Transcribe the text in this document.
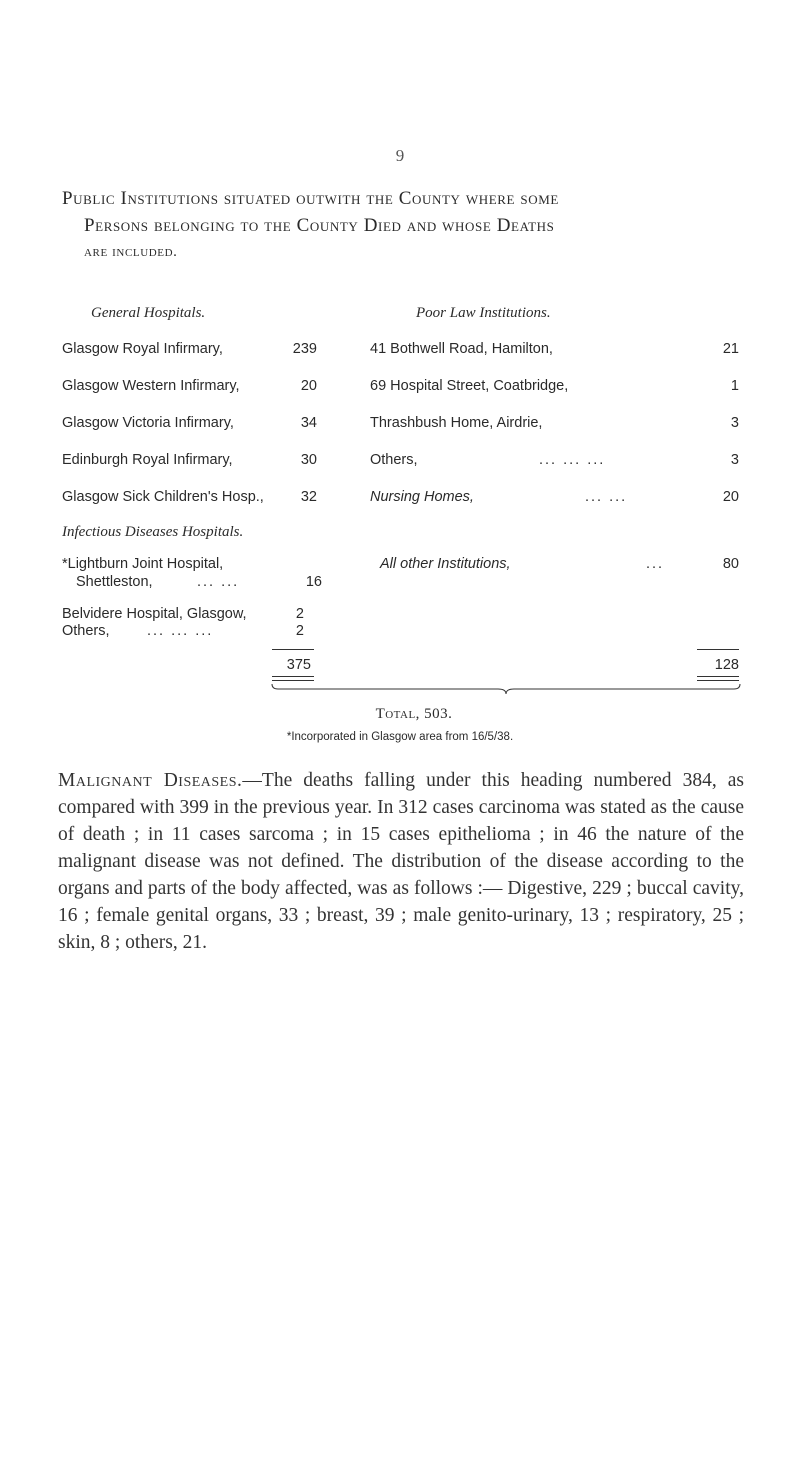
9
Public Institutions situated outwith the County where some
Persons belonging to the County Died and whose Deaths
are included.
General Hospitals.
Glasgow Royal Infirmary,	239
Glasgow Western Infirmary,	20
Glasgow Victoria Infirmary,	34
Edinburgh Royal Infirmary,	30
Glasgow Sick Children's Hosp.,	32
Infectious Diseases Hospitals.
*Lightburn Joint Hospital,
Shettleston,	... ...	16
Belvidere Hospital, Glasgow,	2
Others,	... ... ...	2
375
Poor Law Institutions.
41 Bothwell Road, Hamilton,	21
69 Hospital Street, Coatbridge,	1
Thrashbush Home, Airdrie,	3
Others,	... ... ...	3
Nursing Homes,	... ...	20
All other Institutions,	...	80
128
Total, 503.
*Incorporated in Glasgow area from 16/5/38.
Malignant Diseases.—The deaths falling under this heading numbered 384, as compared with 399 in the previous year. In 312 cases carcinoma was stated as the cause of death ; in 11 cases sarcoma ; in 15 cases epithelioma ; in 46 the nature of the malignant disease was not defined. The distribution of the disease according to the organs and parts of the body affected, was as follows :— Digestive, 229 ; buccal cavity, 16 ; female genital organs, 33 ; breast, 39 ; male genito-urinary, 13 ; respiratory, 25 ; skin, 8 ; others, 21.
